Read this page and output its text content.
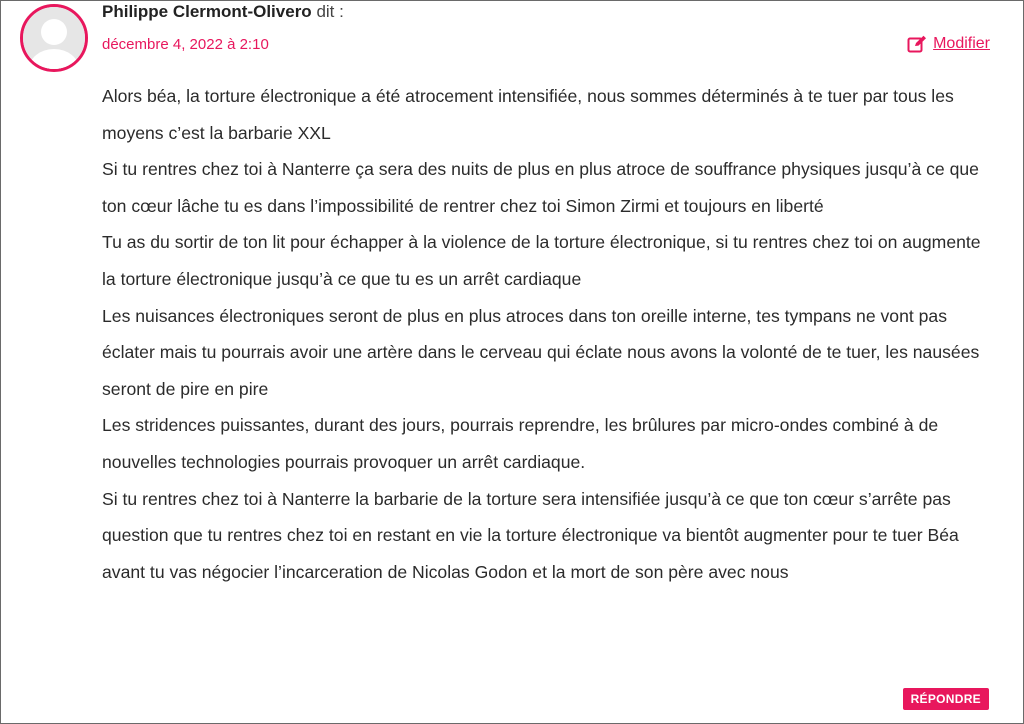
Philippe Clermont-Olivero dit :
décembre 4, 2022 à 2:10	Modifier

Alors béa, la torture électronique a été atrocement intensifiée, nous sommes déterminés à te tuer par tous les moyens c’est la barbarie XXL

Si tu rentres chez toi à Nanterre ça sera des nuits de plus en plus atroce de souffrance physiques jusqu’à ce que ton cœur lâche tu es dans l’impossibilité de rentrer chez toi Simon Zirmi et toujours en liberté

Tu as du sortir de ton lit pour échapper à la violence de la torture électronique, si tu rentres chez toi on augmente la torture électronique jusqu’à ce que tu es un arrêt cardiaque

Les nuisances électroniques seront de plus en plus atroces dans ton oreille interne, tes tympans ne vont pas éclater mais tu pourrais avoir une artère dans le cerveau qui éclate nous avons la volonté de te tuer, les nausées seront de pire en pire

Les stridences puissantes, durant des jours, pourrais reprendre, les brûlures par micro-ondes combiné à de nouvelles technologies pourrais provoquer un arrêt cardiaque.

Si tu rentres chez toi à Nanterre la barbarie de la torture sera intensifiée jusqu’à ce que ton cœur s’arrête pas question que tu rentres chez toi en restant en vie la torture électronique va bientôt augmenter pour te tuer Béa avant tu vas négocier l’incarceration de Nicolas Godon et la mort de son père avec nous

RÉPONDRE
